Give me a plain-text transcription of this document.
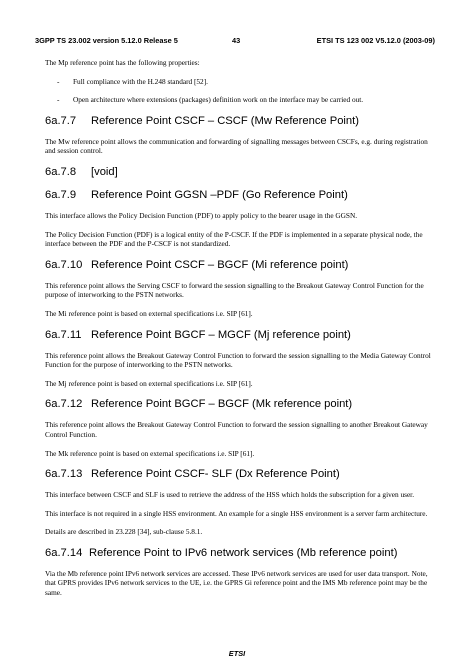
3GPP TS 23.002 version 5.12.0 Release 5	43	ETSI TS 123 002 V5.12.0 (2003-09)

The Mp reference point has the following properties:

-	Full compliance with the H.248 standard [52].
-	Open architecture where extensions (packages) definition work on the interface may be carried out.
6a.7.7	Reference Point CSCF – CSCF (Mw Reference Point)

The Mw reference point allows the communication and forwarding of signalling messages between CSCFs, e.g. during registration and session control.

6a.7.8	[void]
6a.7.9	Reference Point GGSN –PDF (Go Reference Point)

This interface allows the Policy Decision Function (PDF) to apply policy to the bearer usage in the GGSN.

The Policy Decision Function (PDF) is a logical entity of the P-CSCF. If the PDF is implemented in a separate physical node, the interface between the PDF and the P-CSCF is not standardized.

6a.7.10 Reference Point CSCF – BGCF (Mi reference point)

This reference point allows the Serving CSCF to forward the session signalling to the Breakout Gateway Control Function for the purpose of interworking to the PSTN networks.

The Mi reference point is based on external specifications i.e. SIP [61].

6a.7.11 Reference Point BGCF – MGCF (Mj reference point)

This reference point allows the Breakout Gateway Control Function to forward the session signalling to the Media Gateway Control Function for the purpose of interworking to the PSTN networks.

The Mj reference point is based on external specifications i.e. SIP [61].

6a.7.12 Reference Point BGCF – BGCF (Mk reference point)

This reference point allows the Breakout Gateway Control Function to forward the session signalling to another Breakout Gateway Control Function.

The Mk reference point is based on external specifications i.e. SIP [61].

6a.7.13 Reference Point CSCF- SLF (Dx Reference Point)

This interface between CSCF and SLF is used to retrieve the address of the HSS which holds the subscription for a given user.

This interface is not required in a single HSS environment. An example for a single HSS environment is a server farm architecture.

Details are described in 23.228 [34], sub-clause 5.8.1.

6a.7.14 Reference Point to IPv6 network services (Mb reference point)

Via the Mb reference point IPv6 network services are accessed. These IPv6 network services are used for user data transport. Note, that GPRS provides IPv6 network services to the UE, i.e. the GPRS Gi reference point and the IMS Mb reference point may be the same.

ETSI
